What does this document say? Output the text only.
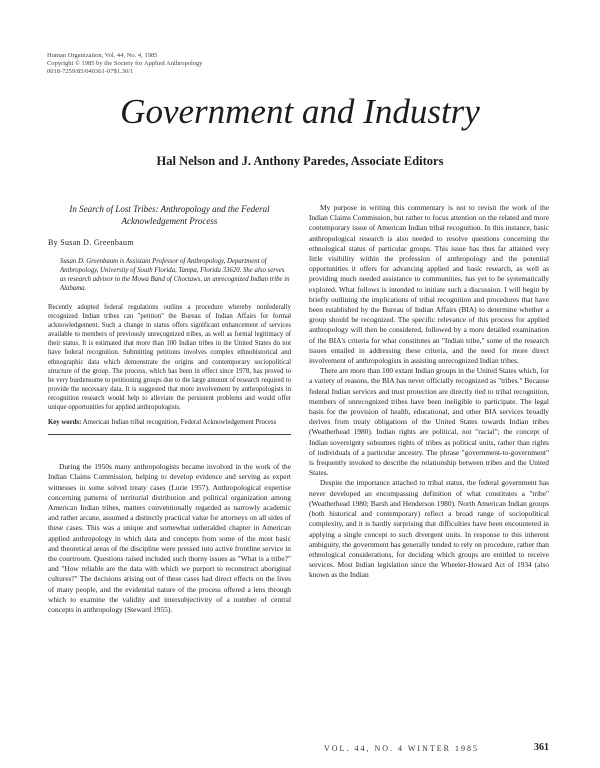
Human Organization, Vol. 44, No. 4, 1985
Copyright © 1985 by the Society for Applied Anthropology
0018-7259/85/040361-07$1.30/1
Government and Industry
Hal Nelson and J. Anthony Paredes, Associate Editors

In Search of Lost Tribes: Anthropology and the Federal Acknowledgement Process

By Susan D. Greenbaum

Susan D. Greenbaum is Assistant Professor of Anthropology, Department of Anthropology, University of South Florida, Tampa, Florida 33620. She also serves as research advisor to the Mowa Band of Choctaws, an unrecognized Indian tribe in Alabama.

Recently adopted federal regulations outline a procedure whereby nonfederally recognized Indian tribes can "petition" the Bureau of Indian Affairs for formal acknowledgement. Such a change in status offers significant enhancement of services available to members of previously unrecognized tribes, as well as formal legitimacy of their status. It is estimated that more than 100 Indian tribes in the United States do not have federal recognition. Submitting petitions involves complex ethnohistorical and ethnographic data which demonstrate the origins and contemporary sociopolitical structure of the group. The process, which has been in effect since 1978, has proved to be very burdensome to petitioning groups due to the large amount of research required to provide the necessary data. It is suggested that more involvement by anthropologists in recognition research would help to alleviate the persistent problems and would offer unique opportunities for applied anthropologists.

Key words: American Indian tribal recognition, Federal Acknowledgement Process

During the 1950s many anthropologists became involved in the work of the Indian Claims Commission, helping to develop evidence and serving as expert witnesses in some solved treaty cases (Lurie 1957). Anthropological expertise concerning patterns of territorial distribution and political organization among American Indian tribes, matters conventionally regarded as narrowly academic and rather arcane, assumed a distinctly practical value for attorneys on all sides of these cases. This was a unique and somewhat unheralded chapter in American applied anthropology in which data and concepts from some of the most basic and theoretical areas of the discipline were pressed into active frontline service in the courtroom. Questions raised included such thorny issues as "What is a tribe?" and "How reliable are the data with which we purport to reconstruct aboriginal cultures?" The decisions arising out of these cases had direct effects on the lives of many people, and the evidential nature of the process offered a lens through which to examine the validity and intersubjectivity of a number of central concepts in anthropology (Steward 1955).

My purpose in writing this commentary is not to revisit the work of the Indian Claims Commission, but rather to focus attention on the related and more contemporary issue of American Indian tribal recognition. In this instance, basic anthropological research is also needed to resolve questions concerning the ethnological status of particular groups. This issue has thus far attained very little visibility within the profession of anthropology and the potential opportunities it offers for advancing applied and basic research, as well as providing much needed assistance to communities, has yet to be systematically explored. What follows is intended to initiate such a discussion. I will begin by briefly outlining the implications of tribal recognition and procedures that have been established by the Bureau of Indian Affairs (BIA) to determine whether a group should be recognized. The specific relevance of this process for applied anthropology will then be considered, followed by a more detailed examination of the BIA's criteria for what constitutes an "Indian tribe," some of the research issues entailed in addressing these criteria, and the need for more direct involvement of anthropologists in assisting unrecognized Indian tribes.

There are more than 100 extant Indian groups in the United States which, for a variety of reasons, the BIA has never officially recognized as "tribes." Because federal Indian services and trust protection are directly tied to tribal recognition, members of unrecognized tribes have been ineligible to participate. The legal basis for the provision of health, educational, and other BIA services broadly derives from treaty obligations of the United States towards Indian tribes (Weatherhead 1980). Indian rights are political, not "racial"; the concept of Indian sovereignty subsumes rights of tribes as political units, rather than rights of individuals of a particular ancestry. The phrase "government-to-government" is frequently invoked to describe the relationship between tribes and the United States.

Despite the importance attached to tribal status, the federal government has never developed an encompassing definition of what constitutes a "tribe" (Weatherhead 1980; Barsh and Henderson 1980). North American Indian groups (both historical and contemporary) reflect a broad range of sociopolitical complexity, and it is hardly surprising that difficulties have been encountered in applying a single concept to such divergent units. In response to this inherent ambiguity, the government has generally tended to rely on procedure, rather than ethnological considerations, for deciding which groups are entitled to receive services. Most Indian legislation since the Wheeler-Howard Act of 1934 (also known as the Indian

VOL. 44, NO. 4 WINTER 1985	361
